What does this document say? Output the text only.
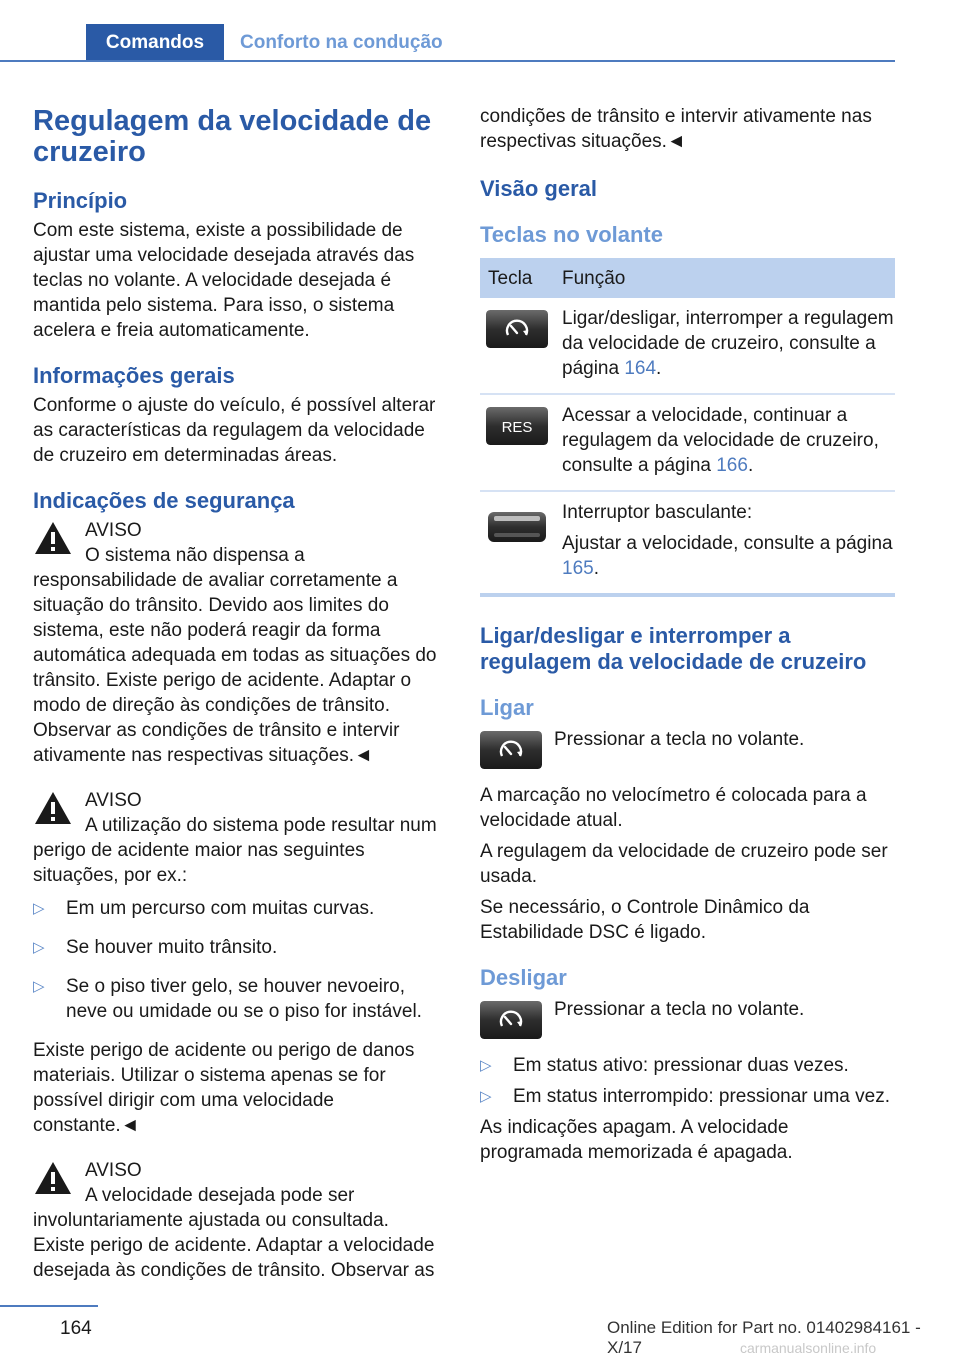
Comandos	Conforto na condução
Regulagem da velocidade de cruzeiro
Princípio

Com este sistema, existe a possibilidade de ajustar uma velocidade desejada através das teclas no volante. A velocidade desejada é mantida pelo sistema. Para isso, o sistema acelera e freia automaticamente.

Informações gerais

Conforme o ajuste do veículo, é possível alterar as características da regulagem da velocidade de cruzeiro em determinadas áreas.

Indicações de segurança
AVISO
O sistema não dispensa a responsabilidade de avaliar corretamente a situação do trânsito. Devido aos limites do sistema, este não poderá reagir da forma automática adequada em todas as situações do trânsito. Existe perigo de acidente. Adaptar o modo de direção às condições de trânsito. Observar as condições de trânsito e intervir ativamente nas respectivas situações.◄
AVISO
A utilização do sistema pode resultar num perigo de acidente maior nas seguintes situações, por ex.:
▷ Em um percurso com muitas curvas.
▷ Se houver muito trânsito.
▷ Se o piso tiver gelo, se houver nevoeiro, neve ou umidade ou se o piso for instável.
Existe perigo de acidente ou perigo de danos materiais. Utilizar o sistema apenas se for possível dirigir com uma velocidade constante.◄
AVISO
A velocidade desejada pode ser involuntariamente ajustada ou consultada. Existe perigo de acidente. Adaptar a velocidade desejada às condições de trânsito. Observar as

condições de trânsito e intervir ativamente nas respectivas situações.◄

Visão geral
Teclas no volante
Tecla	Função

	Ligar/desligar, interromper a regulagem da velocidade de cruzeiro, consulte a página 164.

RES	Acessar a velocidade, continuar a regulagem da velocidade de cruzeiro, consulte a página 166.

Interruptor basculante:
Ajustar a velocidade, consulte a página 165.
Ligar/desligar e interromper a regulagem da velocidade de cruzeiro
Ligar
Pressionar a tecla no volante.

A marcação no velocímetro é colocada para a velocidade atual.

A regulagem da velocidade de cruzeiro pode ser usada.

Se necessário, o Controle Dinâmico da Estabilidade DSC é ligado.

Desligar
Pressionar a tecla no volante.
▷ Em status ativo: pressionar duas vezes.
▷ Em status interrompido: pressionar uma vez.

As indicações apagam. A velocidade programada memorizada é apagada.

164	Online Edition for Part no. 01402984161 - X/17	carmanualsonline.info
